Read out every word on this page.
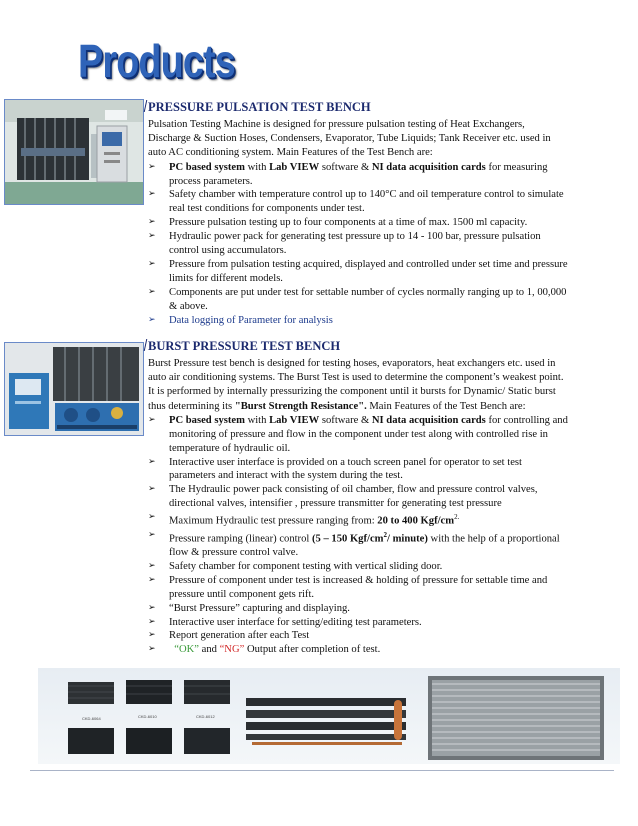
Products
PRESSURE PULSATION TEST BENCH

Pulsation Testing Machine is designed for pressure pulsation testing of Heat Exchangers, Discharge & Suction Hoses, Condensers, Evaporator, Tube Liquids; Tank Receiver etc. used in auto AC conditioning system. Main Features of the Test Bench are:

➢ PC based system with Lab VIEW software & NI data acquisition cards for measuring process parameters.
➢ Safety chamber with temperature control up to 140°C and oil temperature control to simulate real test conditions for components under test.
➢ Pressure pulsation testing up to four components at a time of max. 1500 ml capacity.
➢ Hydraulic power pack for generating test pressure up to 14 - 100 bar, pressure pulsation control using accumulators.
➢ Pressure from pulsation testing acquired, displayed and controlled under set time and pressure limits for different models.
➢ Components are put under test for settable number of cycles normally ranging up to 1, 00,000 & above.
➢ Data logging of Parameter for analysis
BURST PRESSURE TEST BENCH

Burst Pressure test bench is designed for testing hoses, evaporators, heat exchangers etc. used in auto air conditioning systems. The Burst Test is used to determine the component’s weakest point. It is performed by internally pressurizing the component until it bursts for Dynamic/ Static burst thus determining its "Burst Strength Resistance". Main Features of the Test Bench are:

➢ PC based system with Lab VIEW software & NI data acquisition cards for controlling and monitoring of pressure and flow in the component under test along with controlled rise in temperature of hydraulic oil.
➢ Interactive user interface is provided on a touch screen panel for operator to set test parameters and interact with the system during the test.
➢ The Hydraulic power pack consisting of oil chamber, flow and pressure control valves, directional valves, intensifier , pressure transmitter for generating test pressure
➢ Maximum Hydraulic test pressure ranging from: 20 to 400 Kgf/$cm^{2.}$
➢ Pressure ramping (linear) control (5 – 150 Kgf/$cm^2/$ minute) with the help of a proportional flow & pressure control valve.
➢ Safety chamber for component testing with vertical sliding door.
➢ Pressure of component under test is increased & holding of pressure for settable time and pressure until component gets rift.
➢ “Burst Pressure” capturing and displaying.
➢ Interactive user interface for setting/editing test parameters.
➢ Report generation after each Test
➢ “OK” and “NG” Output after completion of test.
CKD-6064	CKD-6010	CKD-6012
